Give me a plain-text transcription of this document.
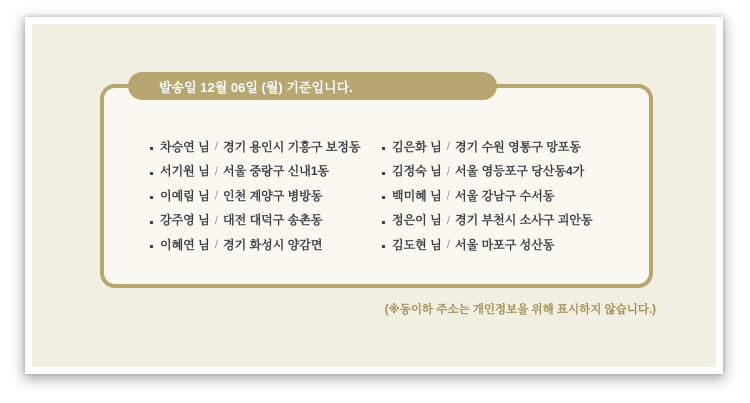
발송일 12월 06일 (월) 기준입니다.
차승연 님 / 경기 용인시 기흥구 보정동
서기원 님 / 서울 중랑구 신내1동
이예림 님 / 인천 계양구 병방동
강주영 님 / 대전 대덕구 송촌동
이혜연 님 / 경기 화성시 양감면
김은화 님 / 경기 수원 영통구 망포동
김정숙 님 / 서울 영등포구 당산동4가
백미혜 님 / 서울 강남구 수서동
정은이 님 / 경기 부천시 소사구 괴안동
김도현 님 / 서울 마포구 성산동
(※동이하 주소는 개인정보을 위해 표시하지 않습니다.)
